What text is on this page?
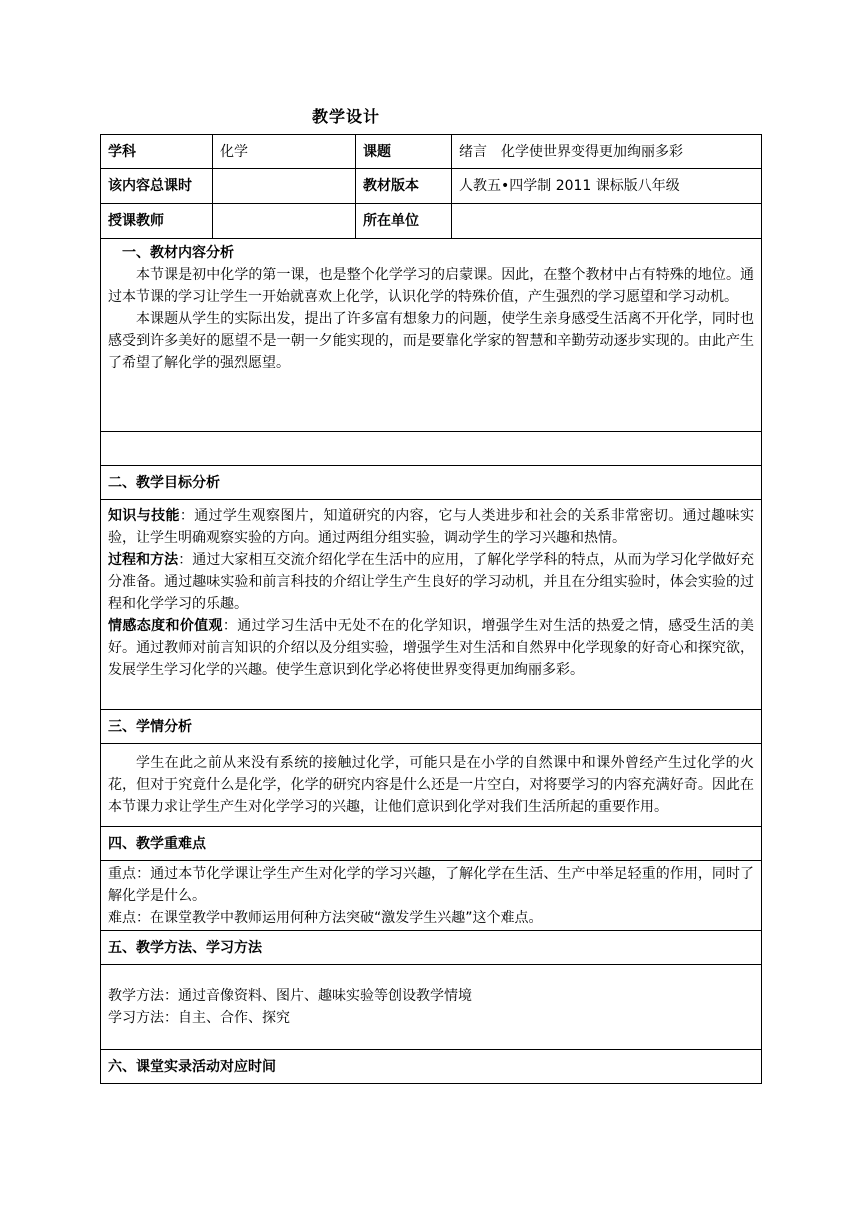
教学设计
学科	化学	课题	绪言　化学使世界变得更加绚丽多彩
该内容总课时		教材版本	人教五•四学制 2011 课标版八年级
授课教师		所在单位	

一、教材内容分析

本节课是初中化学的第一课，也是整个化学学习的启蒙课。因此，在整个教材中占有特殊的地位。通过本节课的学习让学生一开始就喜欢上化学，认识化学的特殊价值，产生强烈的学习愿望和学习动机。

本课题从学生的实际出发，提出了许多富有想象力的问题，使学生亲身感受生活离不开化学，同时也感受到许多美好的愿望不是一朝一夕能实现的，而是要靠化学家的智慧和辛勤劳动逐步实现的。由此产生了希望了解化学的强烈愿望。			

二、教学目标分析			

知识与技能：通过学生观察图片，知道研究的内容，它与人类进步和社会的关系非常密切。通过趣味实验，让学生明确观察实验的方向。通过两组分组实验，调动学生的学习兴趣和热情。

过程和方法：通过大家相互交流介绍化学在生活中的应用，了解化学学科的特点，从而为学习化学做好充分准备。通过趣味实验和前言科技的介绍让学生产生良好的学习动机，并且在分组实验时，体会实验的过程和化学学习的乐趣。

情感态度和价值观：通过学习生活中无处不在的化学知识，增强学生对生活的热爱之情，感受生活的美好。通过教师对前言知识的介绍以及分组实验，增强学生对生活和自然界中化学现象的好奇心和探究欲，发展学生学习化学的兴趣。使学生意识到化学必将使世界变得更加绚丽多彩。			

三、学情分析			

学生在此之前从来没有系统的接触过化学，可能只是在小学的自然课中和课外曾经产生过化学的火花，但对于究竟什么是化学，化学的研究内容是什么还是一片空白，对将要学习的内容充满好奇。因此在本节课力求让学生产生对化学学习的兴趣，让他们意识到化学对我们生活所起的重要作用。			

四、教学重难点			

重点：通过本节化学课让学生产生对化学的学习兴趣，了解化学在生活、生产中举足轻重的作用，同时了解化学是什么。

难点：在课堂教学中教师运用何种方法突破“激发学生兴趣”这个难点。			

五、教学方法、学习方法			

教学方法：通过音像资料、图片、趣味实验等创设教学情境

学习方法：自主、合作、探究			

六、课堂实录活动对应时间			
